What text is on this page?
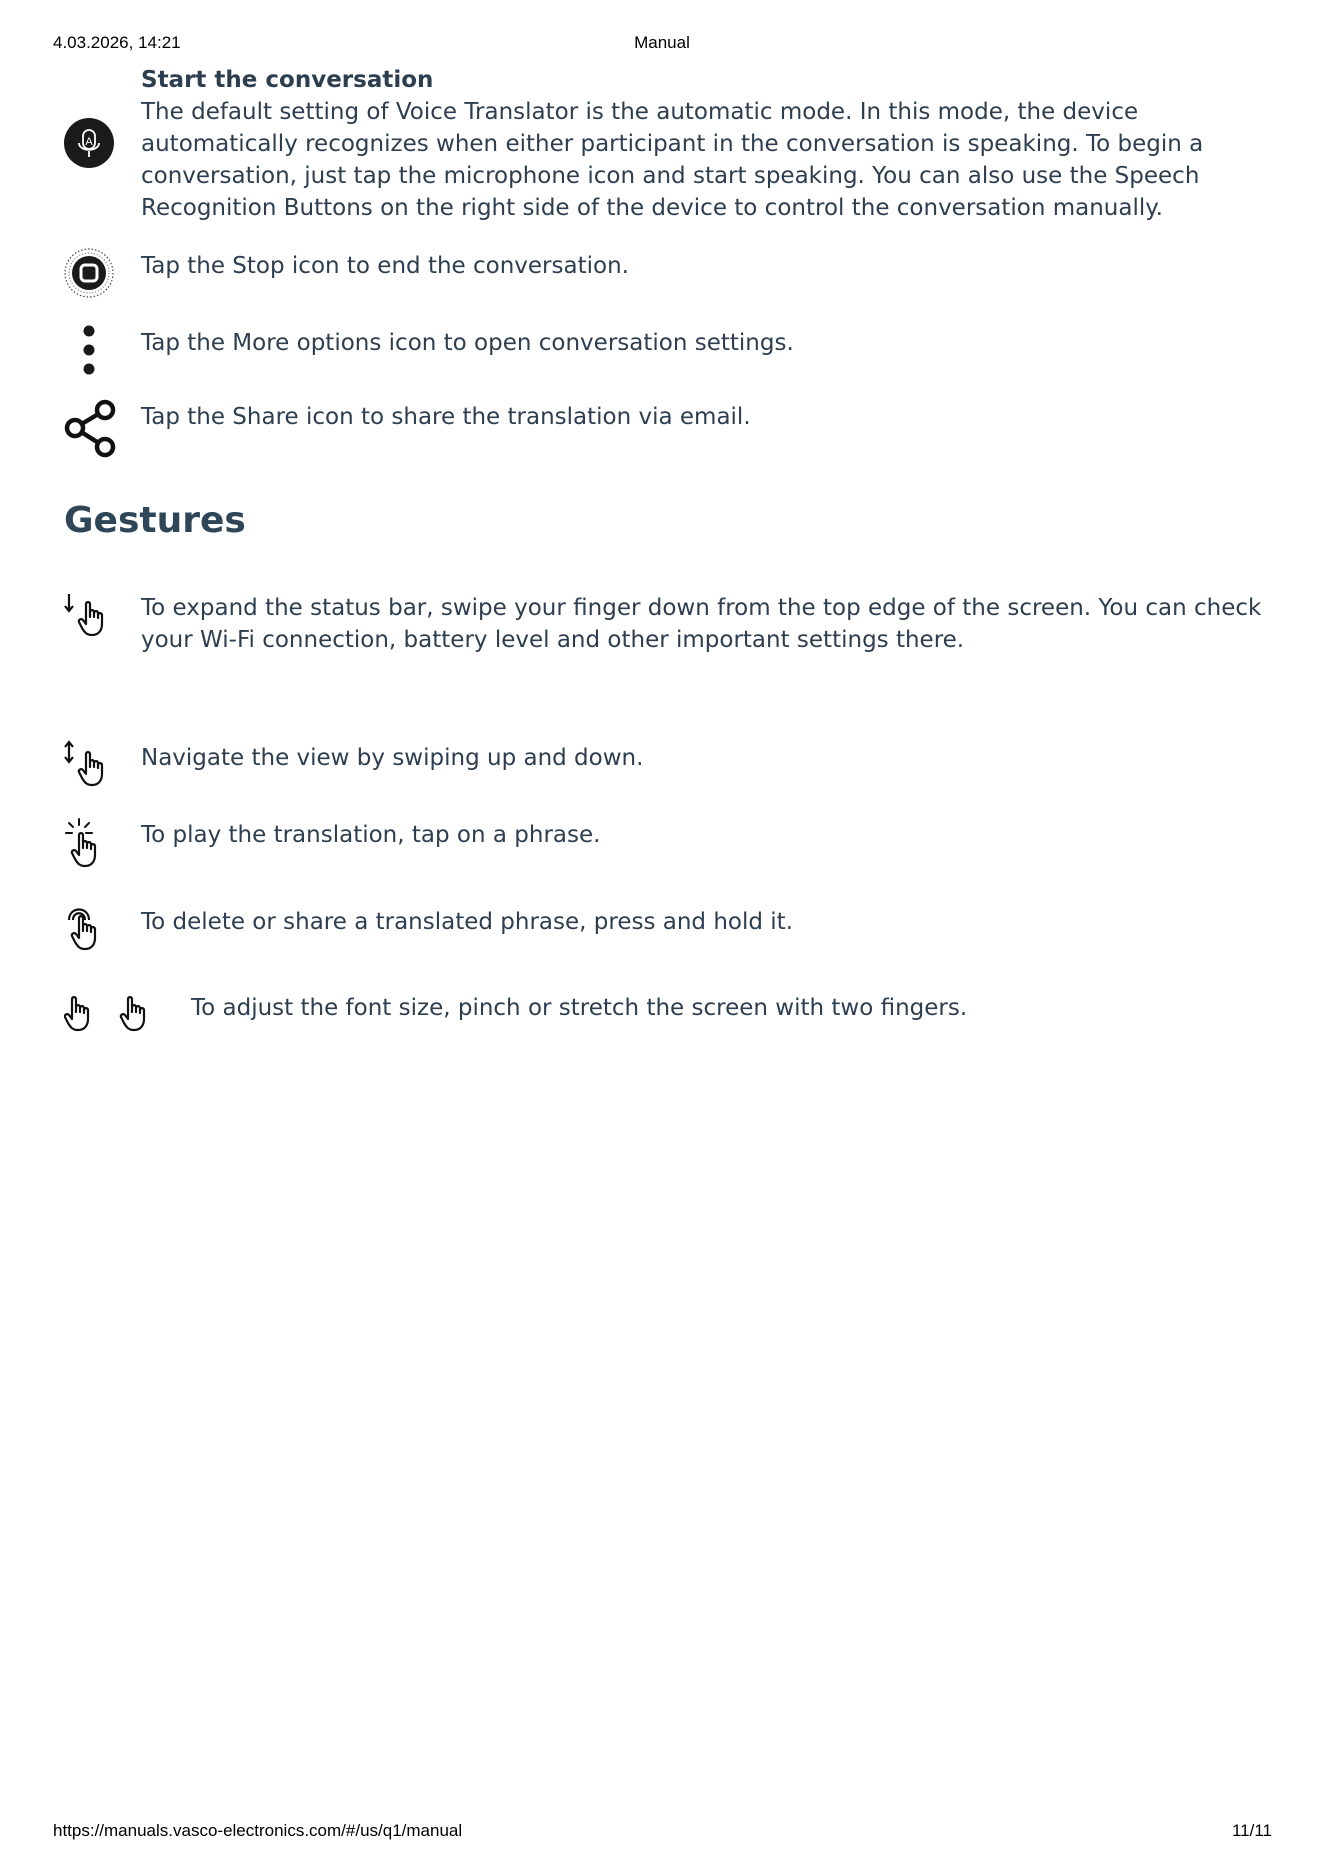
4.03.2026, 14:21	Manual
A
Start the conversation
The default setting of Voice Translator is the automatic mode. In this mode, the device automatically recognizes when either participant in the conversation is speaking. To begin a conversation, just tap the microphone icon and start speaking. You can also use the Speech Recognition Buttons on the right side of the device to control the conversation manually.
Tap the Stop icon to end the conversation.
Tap the More options icon to open conversation settings.
Tap the Share icon to share the translation via email.
Gestures
To expand the status bar, swipe your finger down from the top edge of the screen. You can check your Wi-Fi connection, battery level and other important settings there.
Navigate the view by swiping up and down.
To play the translation, tap on a phrase.
To delete or share a translated phrase, press and hold it.
To adjust the font size, pinch or stretch the screen with two fingers.
https://manuals.vasco-electronics.com/#/us/q1/manual	11/11
